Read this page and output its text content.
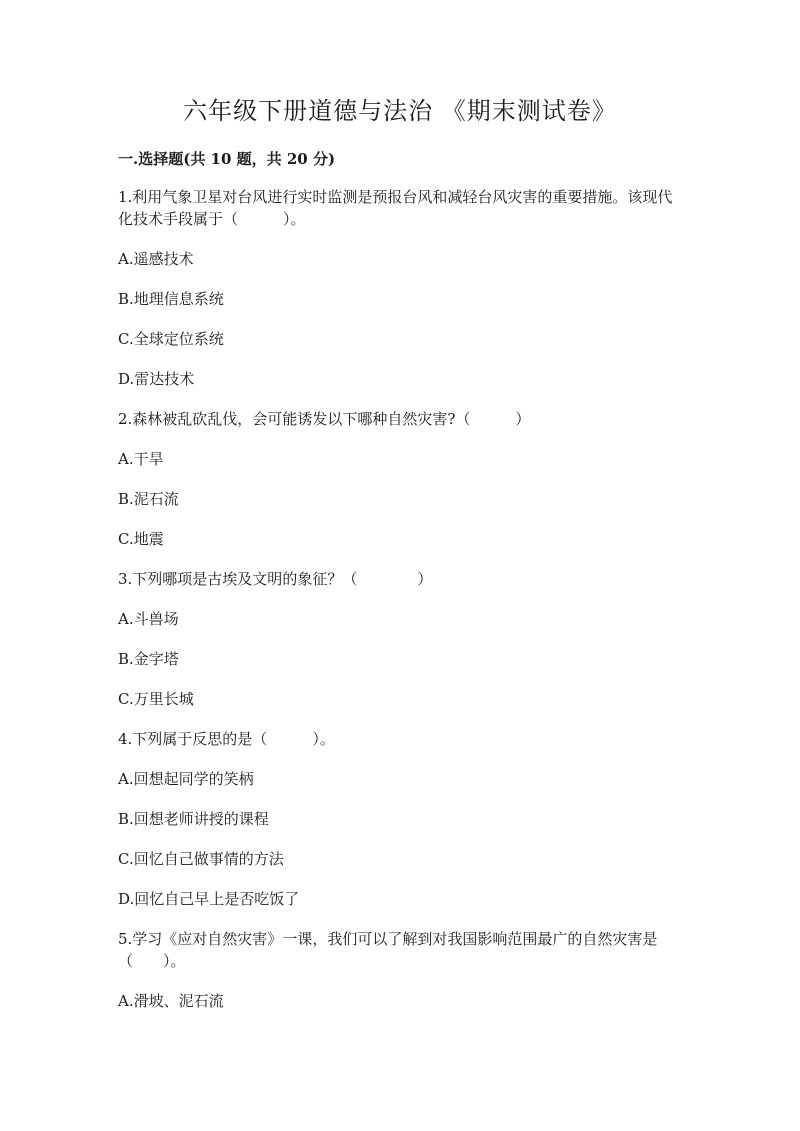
六年级下册道德与法治 《期末测试卷》
一.选择题(共 10 题，共 20 分)
1.利用气象卫星对台风进行实时监测是预报台风和减轻台风灾害的重要措施。该现代化技术手段属于（　　　）。
A.遥感技术
B.地理信息系统
C.全球定位系统
D.雷达技术
2.森林被乱砍乱伐，会可能诱发以下哪种自然灾害?（　　　）
A.干旱
B.泥石流
C.地震
3.下列哪项是古埃及文明的象征？（　　　　）
A.斗兽场
B.金字塔
C.万里长城
4.下列属于反思的是（　　　）。
A.回想起同学的笑柄
B.回想老师讲授的课程
C.回忆自己做事情的方法
D.回忆自己早上是否吃饭了
5.学习《应对自然灾害》一课，我们可以了解到对我国影响范围最广的自然灾害是（　　）。
A.滑坡、泥石流
